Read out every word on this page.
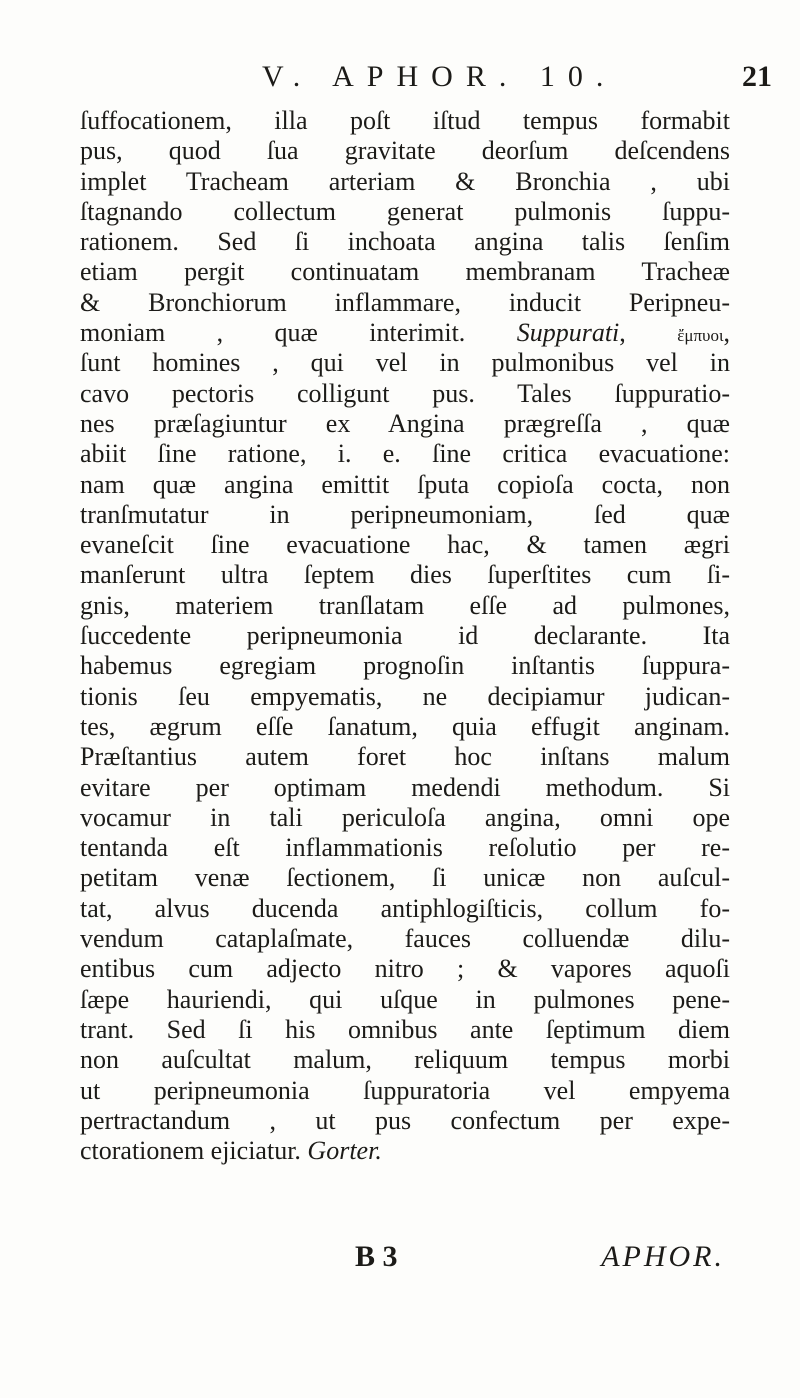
V. APHOR. 10.	21
ſuffocationem, illa poſt iſtud tempus formabit
pus, quod ſua gravitate deorſum deſcendens
implet Tracheam arteriam & Bronchia , ubi
ſtagnando collectum generat pulmonis ſuppu-
rationem. Sed ſi inchoata angina talis ſenſim
etiam pergit continuatam membranam Tracheæ
& Bronchiorum inflammare, inducit Peripneu-
moniam , quæ interimit. Suppurati, ἔμπυοι,
ſunt homines , qui vel in pulmonibus vel in
cavo pectoris colligunt pus. Tales ſuppuratio-
nes præſagiuntur ex Angina prægreſſa , quæ
abiit ſine ratione, i. e. ſine critica evacuatione:
nam quæ angina emittit ſputa copioſa cocta, non
tranſmutatur in peripneumoniam, ſed quæ
evaneſcit ſine evacuatione hac, & tamen ægri
manſerunt ultra ſeptem dies ſuperſtites cum ſi-
gnis, materiem tranſlatam eſſe ad pulmones,
ſuccedente peripneumonia id declarante. Ita
habemus egregiam prognoſin inſtantis ſuppura-
tionis ſeu empyematis, ne decipiamur judican-
tes, ægrum eſſe ſanatum, quia effugit anginam.
Præſtantius autem foret hoc inſtans malum
evitare per optimam medendi methodum. Si
vocamur in tali periculoſa angina, omni ope
tentanda eſt inflammationis reſolutio per re-
petitam venæ ſectionem, ſi unicæ non auſcul-
tat, alvus ducenda antiphlogiſticis, collum fo-
vendum cataplaſmate, fauces colluendæ dilu-
entibus cum adjecto nitro ; & vapores aquoſi
ſæpe hauriendi, qui uſque in pulmones pene-
trant. Sed ſi his omnibus ante ſeptimum diem
non auſcultat malum, reliquum tempus morbi
ut peripneumonia ſuppuratoria vel empyema
pertractandum , ut pus confectum per expe-
ctorationem ejiciatur. Gorter.
B 3	APHOR.
